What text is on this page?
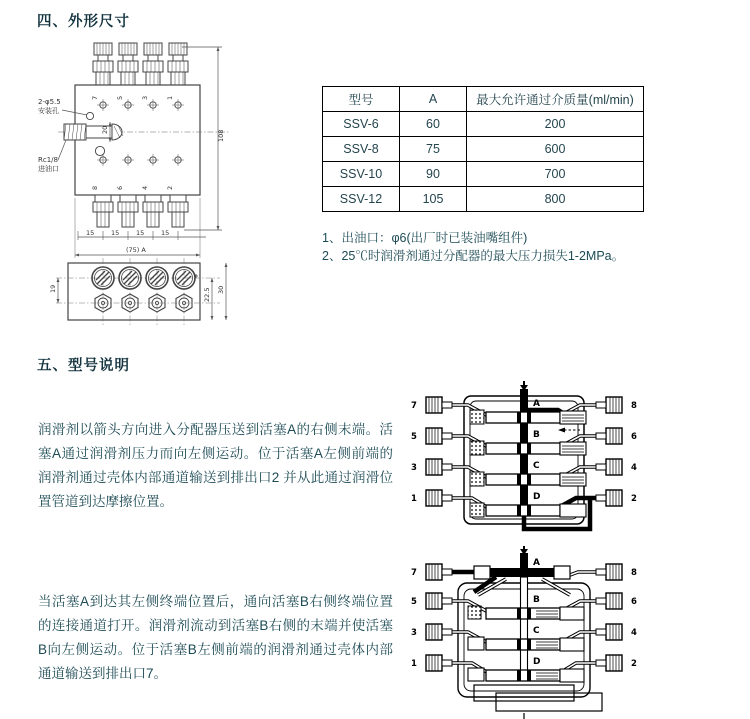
四、外形尺寸
7	5	3	1
20
2-φ5.5
安装孔
Rc1/8
进油口
108
8	6	4	2
15	15	15	15
(75) A
19	22.5 30
型号	A	最大允许通过介质量(ml/min)
SSV-6	60	200
SSV-8	75	600
SSV-10	90	700
SSV-12	105	800
1、出油口：φ6(出厂时已装油嘴组件)
2、25℃时润滑剂通过分配器的最大压力损失1-2MPa。
五、型号说明
润滑剂以箭头方向进入分配器压送到活塞A的右侧末端。活塞A通过润滑剂压力而向左侧运动。位于活塞A左侧前端的润滑剂通过壳体内部通道输送到排出口2 并从此通过润滑位置管道到达摩擦位置。
当活塞A到达其左侧终端位置后，通向活塞B右侧终端位置的连接通道打开。润滑剂流动到活塞B右侧的末端并使活塞B向左侧运动。位于活塞B左侧前端的润滑剂通过壳体内部通道输送到排出口7。
7
5
3
1
8
6
4
2
A
B
C
D
7
5
3
1
8
6
4
2
A
B
C
D
